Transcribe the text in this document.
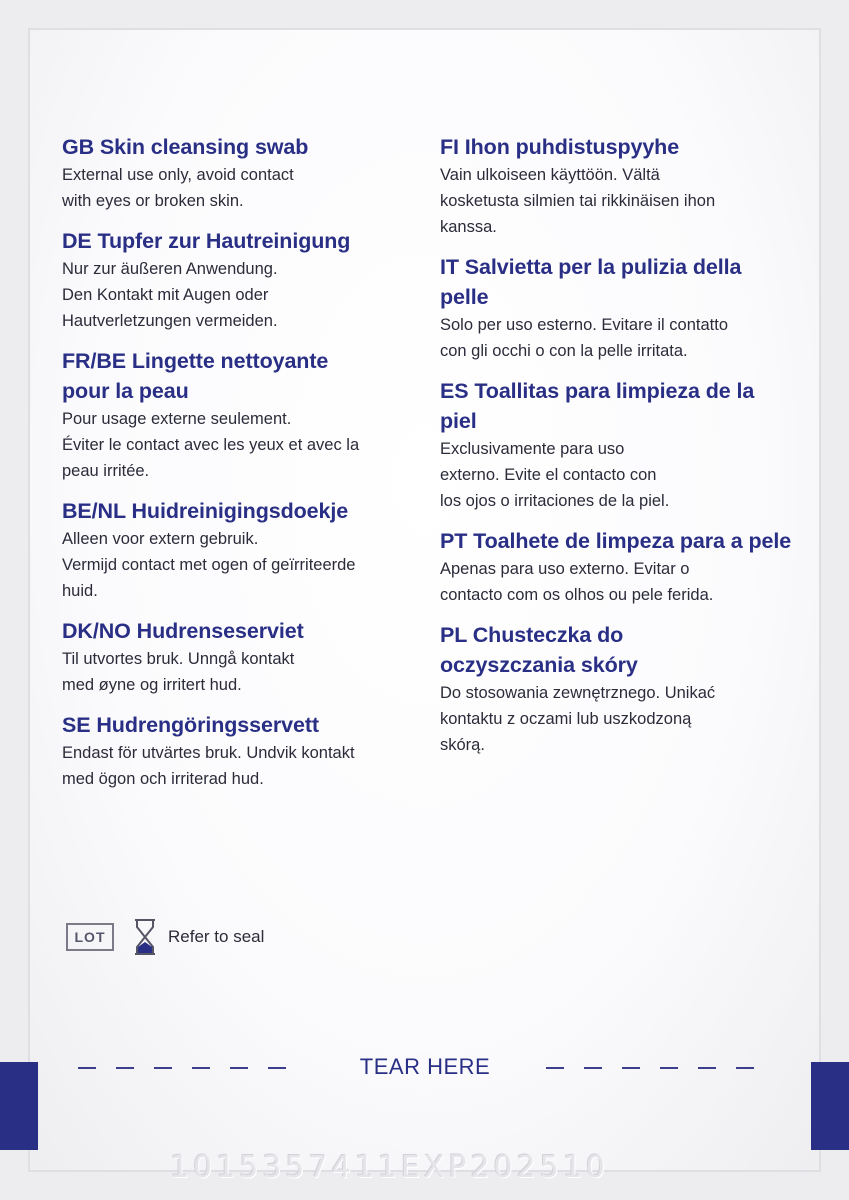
GB Skin cleansing swab
External use only, avoid contact
with eyes or broken skin.
DE Tupfer zur Hautreinigung
Nur zur äußeren Anwendung.
Den Kontakt mit Augen oder
Hautverletzungen vermeiden.
FR/BE Lingette nettoyante pour la peau
Pour usage externe seulement.
Éviter le contact avec les yeux et avec la
peau irritée.
BE/NL Huidreinigingsdoekje
Alleen voor extern gebruik.
Vermijd contact met ogen of geïrriteerde
huid.
DK/NO Hudrenseserviet
Til utvortes bruk. Unngå kontakt
med øyne og irritert hud.
SE Hudrengöringsservett
Endast för utvärtes bruk. Undvik kontakt
med ögon och irriterad hud.
FI Ihon puhdistuspyyhe
Vain ulkoiseen käyttöön. Vältä
kosketusta silmien tai rikkinäisen ihon
kanssa.
IT Salvietta per la pulizia della pelle
Solo per uso esterno. Evitare il contatto
con gli occhi o con la pelle irritata.
ES Toallitas para limpieza de la piel
Exclusivamente para uso
externo. Evite el contacto con
los ojos o irritaciones de la piel.
PT Toalhete de limpeza para a pele
Apenas para uso externo. Evitar o
contacto com os olhos ou pele ferida.
PL Chusteczka do oczyszczania skóry
Do stosowania zewnętrznego. Unikać
kontaktu z oczami lub uszkodzoną
skórą.
LOT	Refer to seal
TEAR HERE
1015357411EXP202510
